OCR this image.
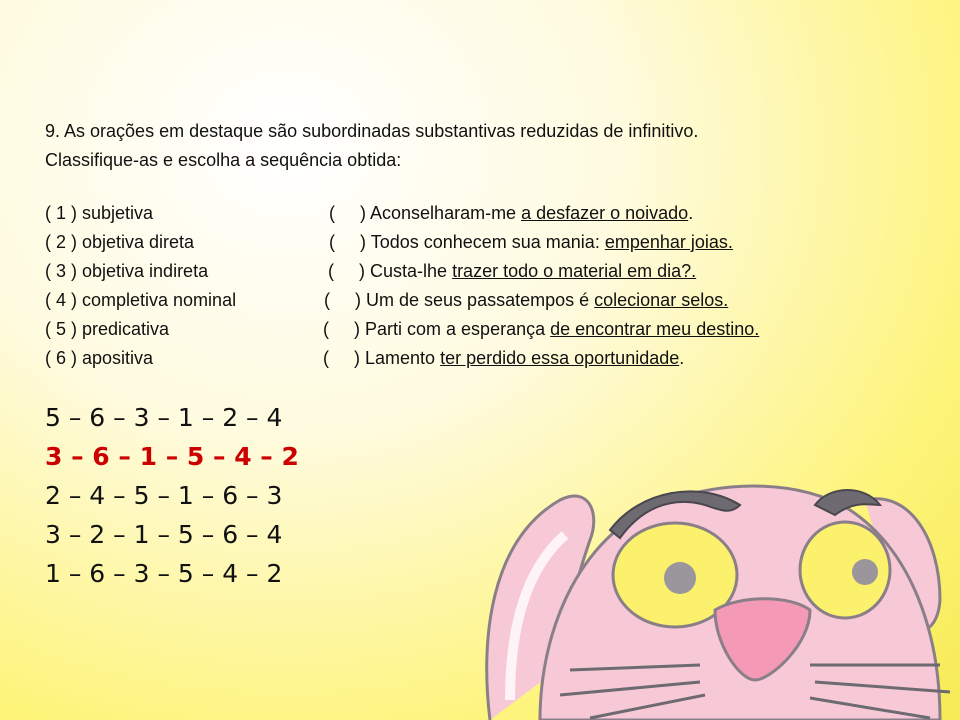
9. As orações em destaque são subordinadas substantivas reduzidas de infinitivo.

Classifique-as e escolha a sequência obtida:

( 1 ) subjetiva	(     ) Aconselharam-me a desfazer o noivado.
( 2 ) objetiva direta	(     ) Todos conhecem sua mania: empenhar joias.
( 3 ) objetiva indireta	(     ) Custa-lhe trazer todo o material em dia?.
( 4 ) completiva nominal	(     ) Um de seus passatempos é colecionar selos.
( 5 ) predicativa	(     ) Parti com a esperança de encontrar meu destino.
( 6 ) apositiva	(     ) Lamento ter perdido essa oportunidade.
5 – 6 – 3 – 1 – 2 – 4
3 – 6 – 1 – 5 – 4 – 2
2 – 4 – 5 – 1 – 6 – 3
3 – 2 – 1 – 5 – 6 – 4
1 – 6 – 3 – 5 – 4 – 2
